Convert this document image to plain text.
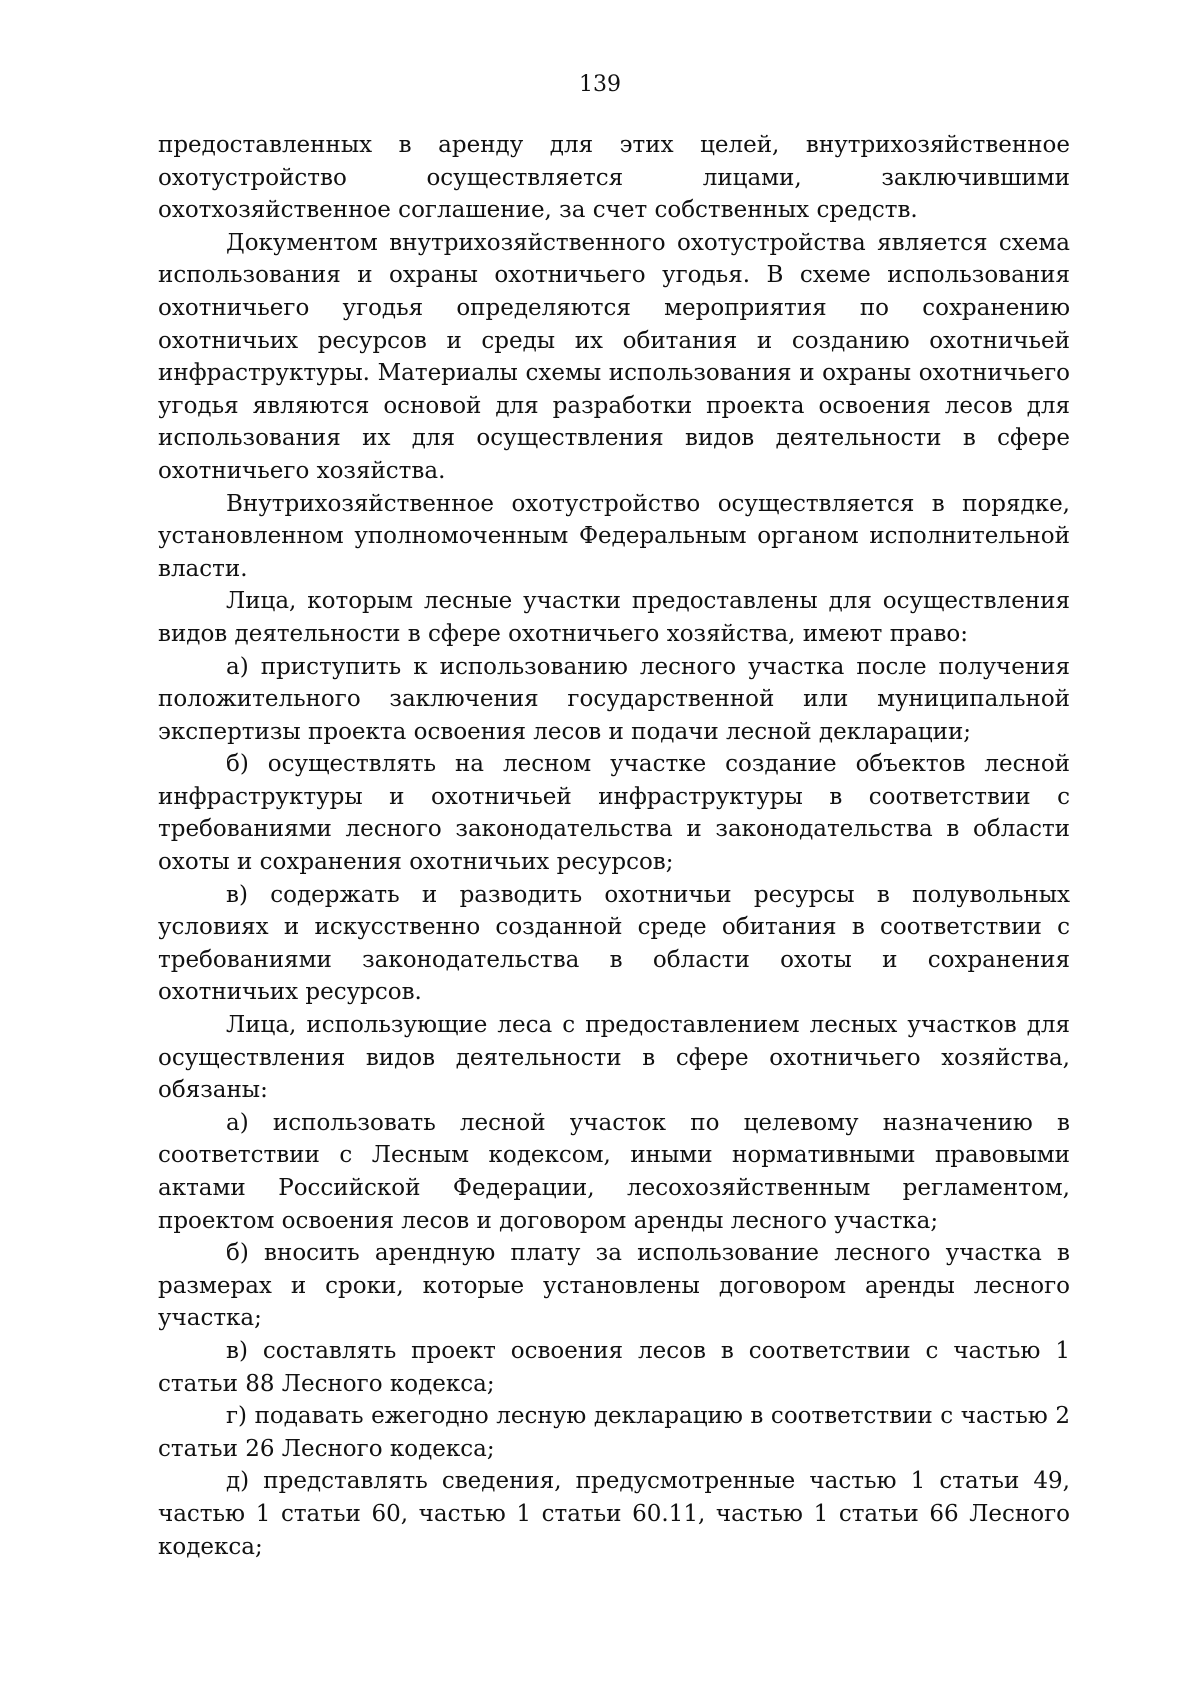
139

предоставленных в аренду для этих целей, внутрихозяйственное охотустройство осуществляется лицами, заключившими охотхозяйственное соглашение, за счет собственных средств.

Документом внутрихозяйственного охотустройства является схема использования и охраны охотничьего угодья. В схеме использования охотничьего угодья определяются мероприятия по сохранению охотничьих ресурсов и среды их обитания и созданию охотничьей инфраструктуры. Материалы схемы использования и охраны охотничьего угодья являются основой для разработки проекта освоения лесов для использования их для осуществления видов деятельности в сфере охотничьего хозяйства.

Внутрихозяйственное охотустройство осуществляется в порядке, установленном уполномоченным Федеральным органом исполнительной власти.

Лица, которым лесные участки предоставлены для осуществления видов деятельности в сфере охотничьего хозяйства, имеют право:

а) приступить к использованию лесного участка после получения положительного заключения государственной или муниципальной экспертизы проекта освоения лесов и подачи лесной декларации;

б) осуществлять на лесном участке создание объектов лесной инфраструктуры и охотничьей инфраструктуры в соответствии с требованиями лесного законодательства и законодательства в области охоты и сохранения охотничьих ресурсов;

в) содержать и разводить охотничьи ресурсы в полувольных условиях и искусственно созданной среде обитания в соответствии с требованиями законодательства в области охоты и сохранения охотничьих ресурсов.

Лица, использующие леса с предоставлением лесных участков для осуществления видов деятельности в сфере охотничьего хозяйства, обязаны:

а) использовать лесной участок по целевому назначению в соответствии с Лесным кодексом, иными нормативными правовыми актами Российской Федерации, лесохозяйственным регламентом, проектом освоения лесов и договором аренды лесного участка;

б) вносить арендную плату за использование лесного участка в размерах и сроки, которые установлены договором аренды лесного участка;

в) составлять проект освоения лесов в соответствии с частью 1 статьи 88 Лесного кодекса;

г) подавать ежегодно лесную декларацию в соответствии с частью 2 статьи 26 Лесного кодекса;

д) представлять сведения, предусмотренные частью 1 статьи 49, частью 1 статьи 60, частью 1 статьи 60.11, частью 1 статьи 66 Лесного кодекса;
